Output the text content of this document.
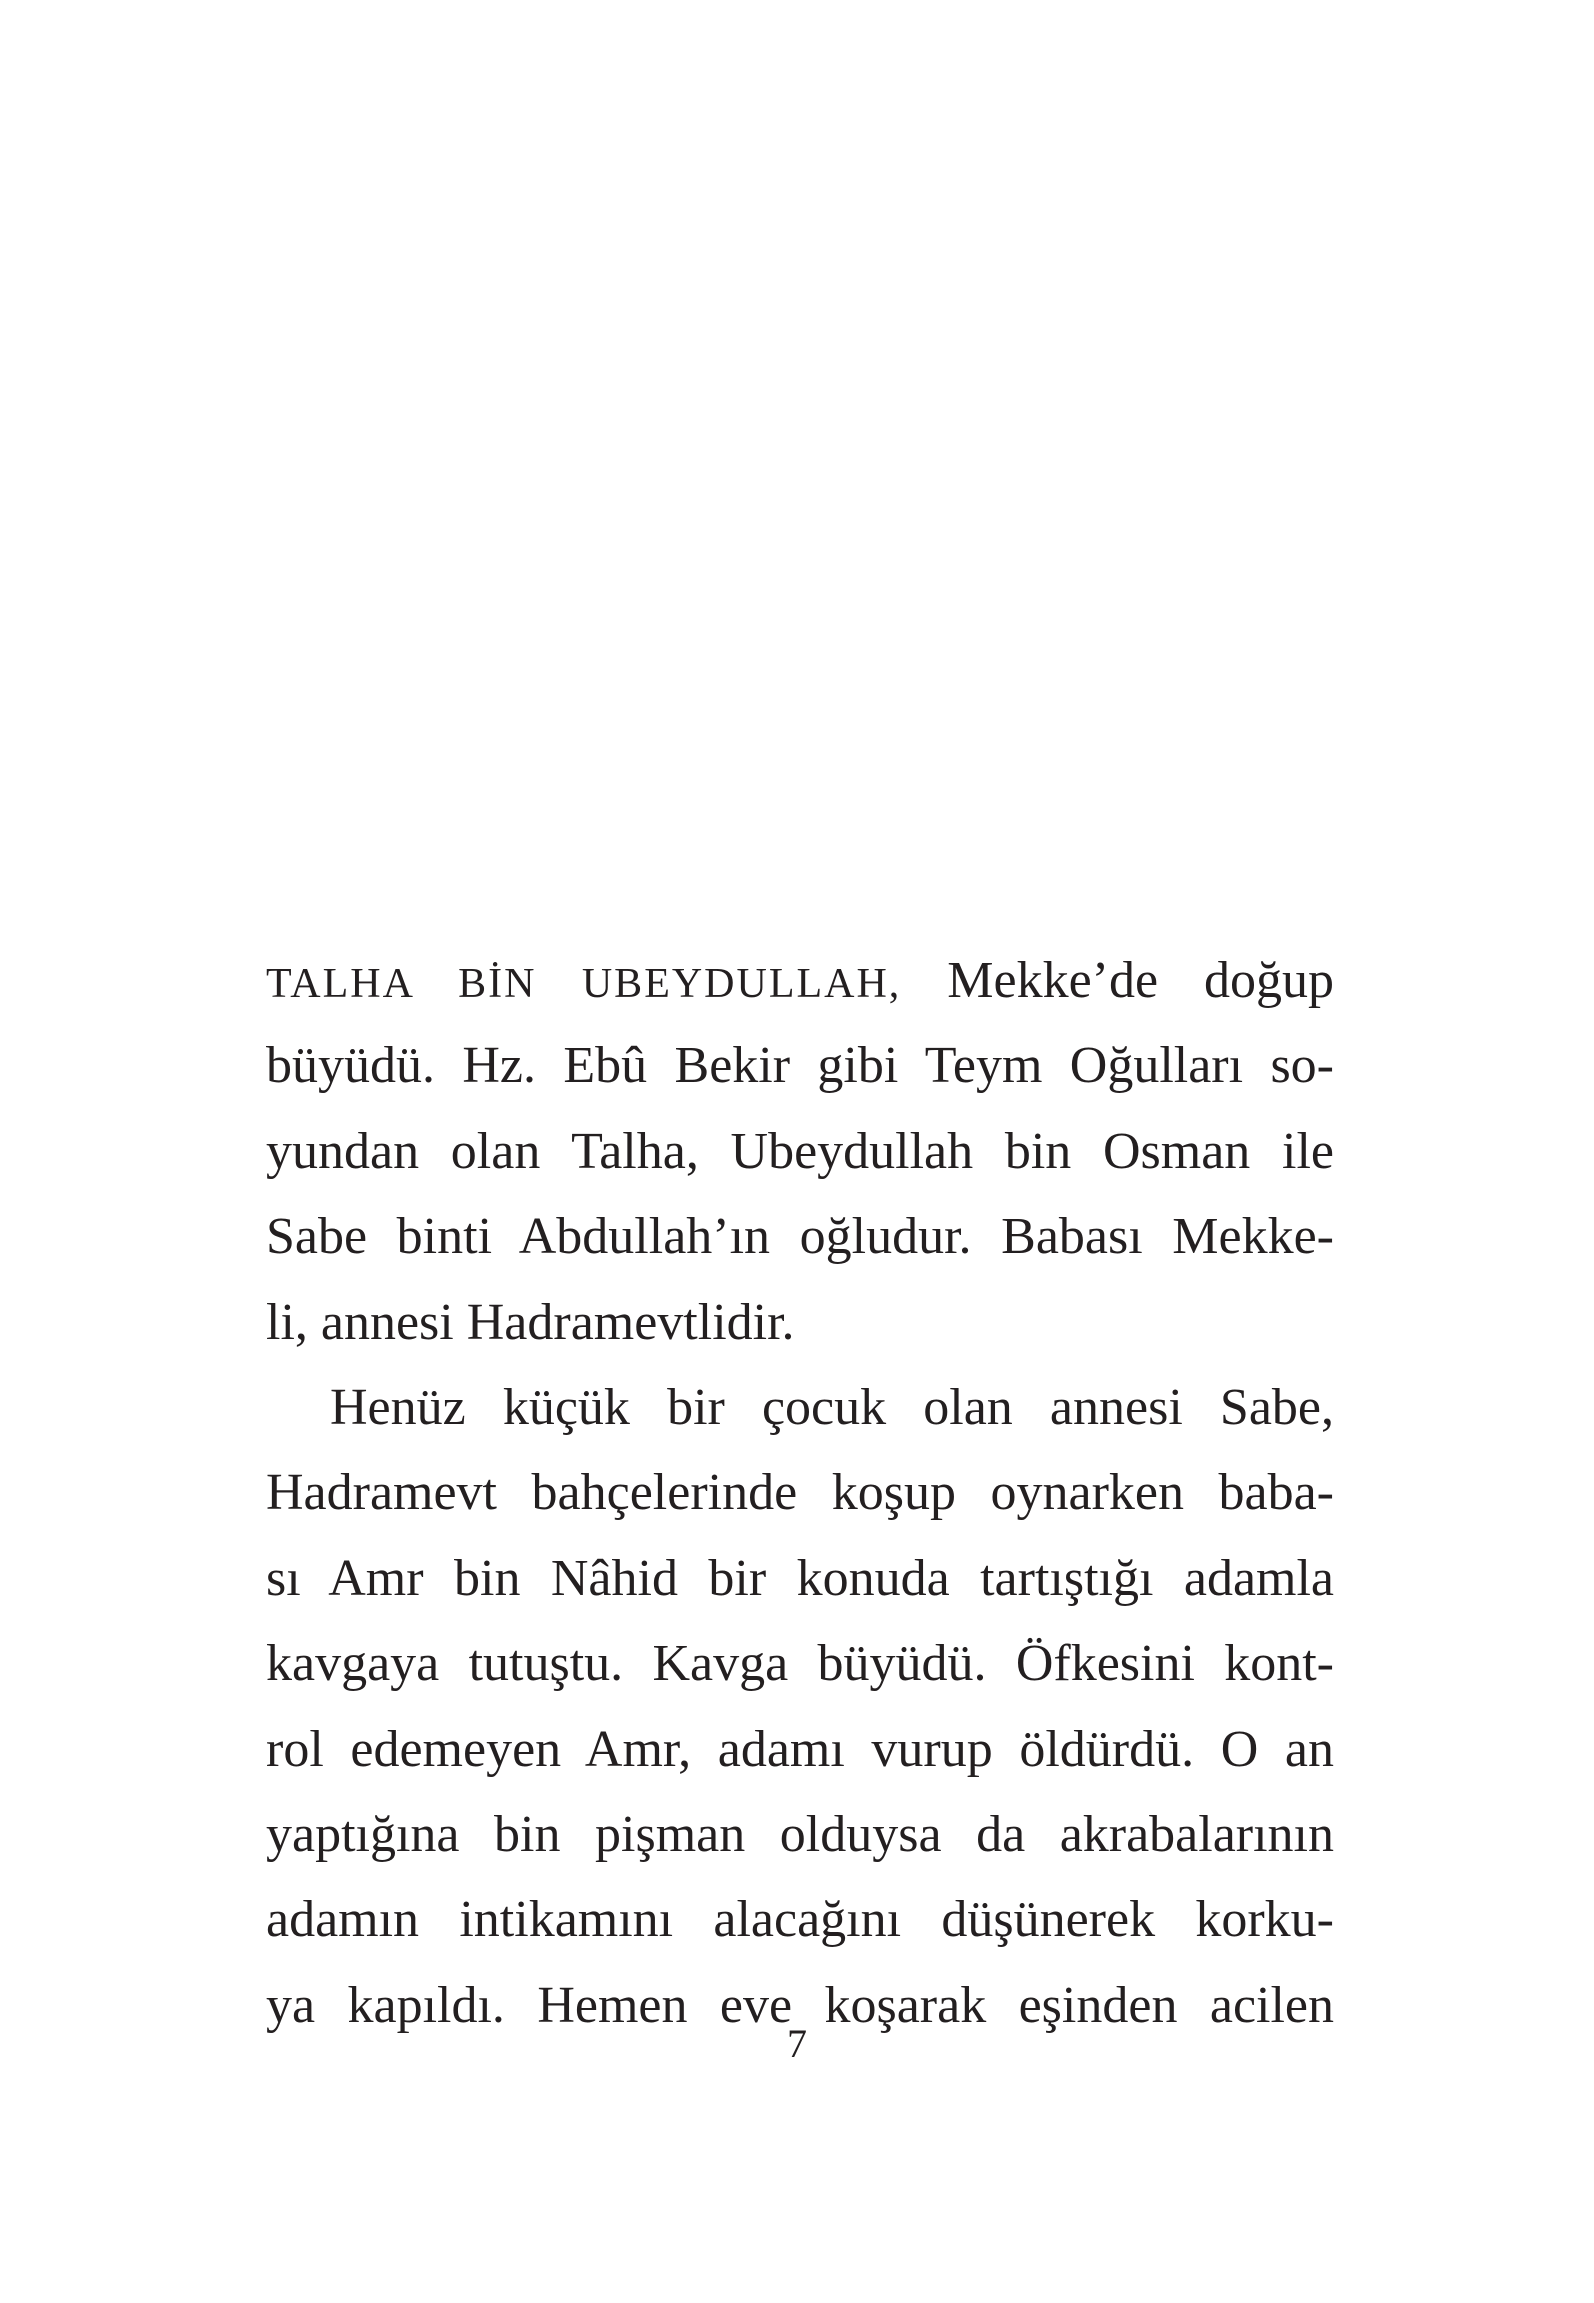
TALHA BİN UBEYDULLAH, Mekke’de doğup
büyüdü. Hz. Ebû Bekir gibi Teym Oğulları so-
yundan olan Talha, Ubeydullah bin Osman ile
Sabe binti Abdullah’ın oğludur. Babası Mekke-
li, annesi Hadramevtlidir.
Henüz küçük bir çocuk olan annesi Sabe,
Hadramevt bahçelerinde koşup oynarken baba-
sı Amr bin Nâhid bir konuda tartıştığı adamla
kavgaya tutuştu. Kavga büyüdü. Öfkesini kont-
rol edemeyen Amr, adamı vurup öldürdü. O an
yaptığına bin pişman olduysa da akrabalarının
adamın intikamını alacağını düşünerek korku-
ya kapıldı. Hemen eve koşarak eşinden acilen
7
